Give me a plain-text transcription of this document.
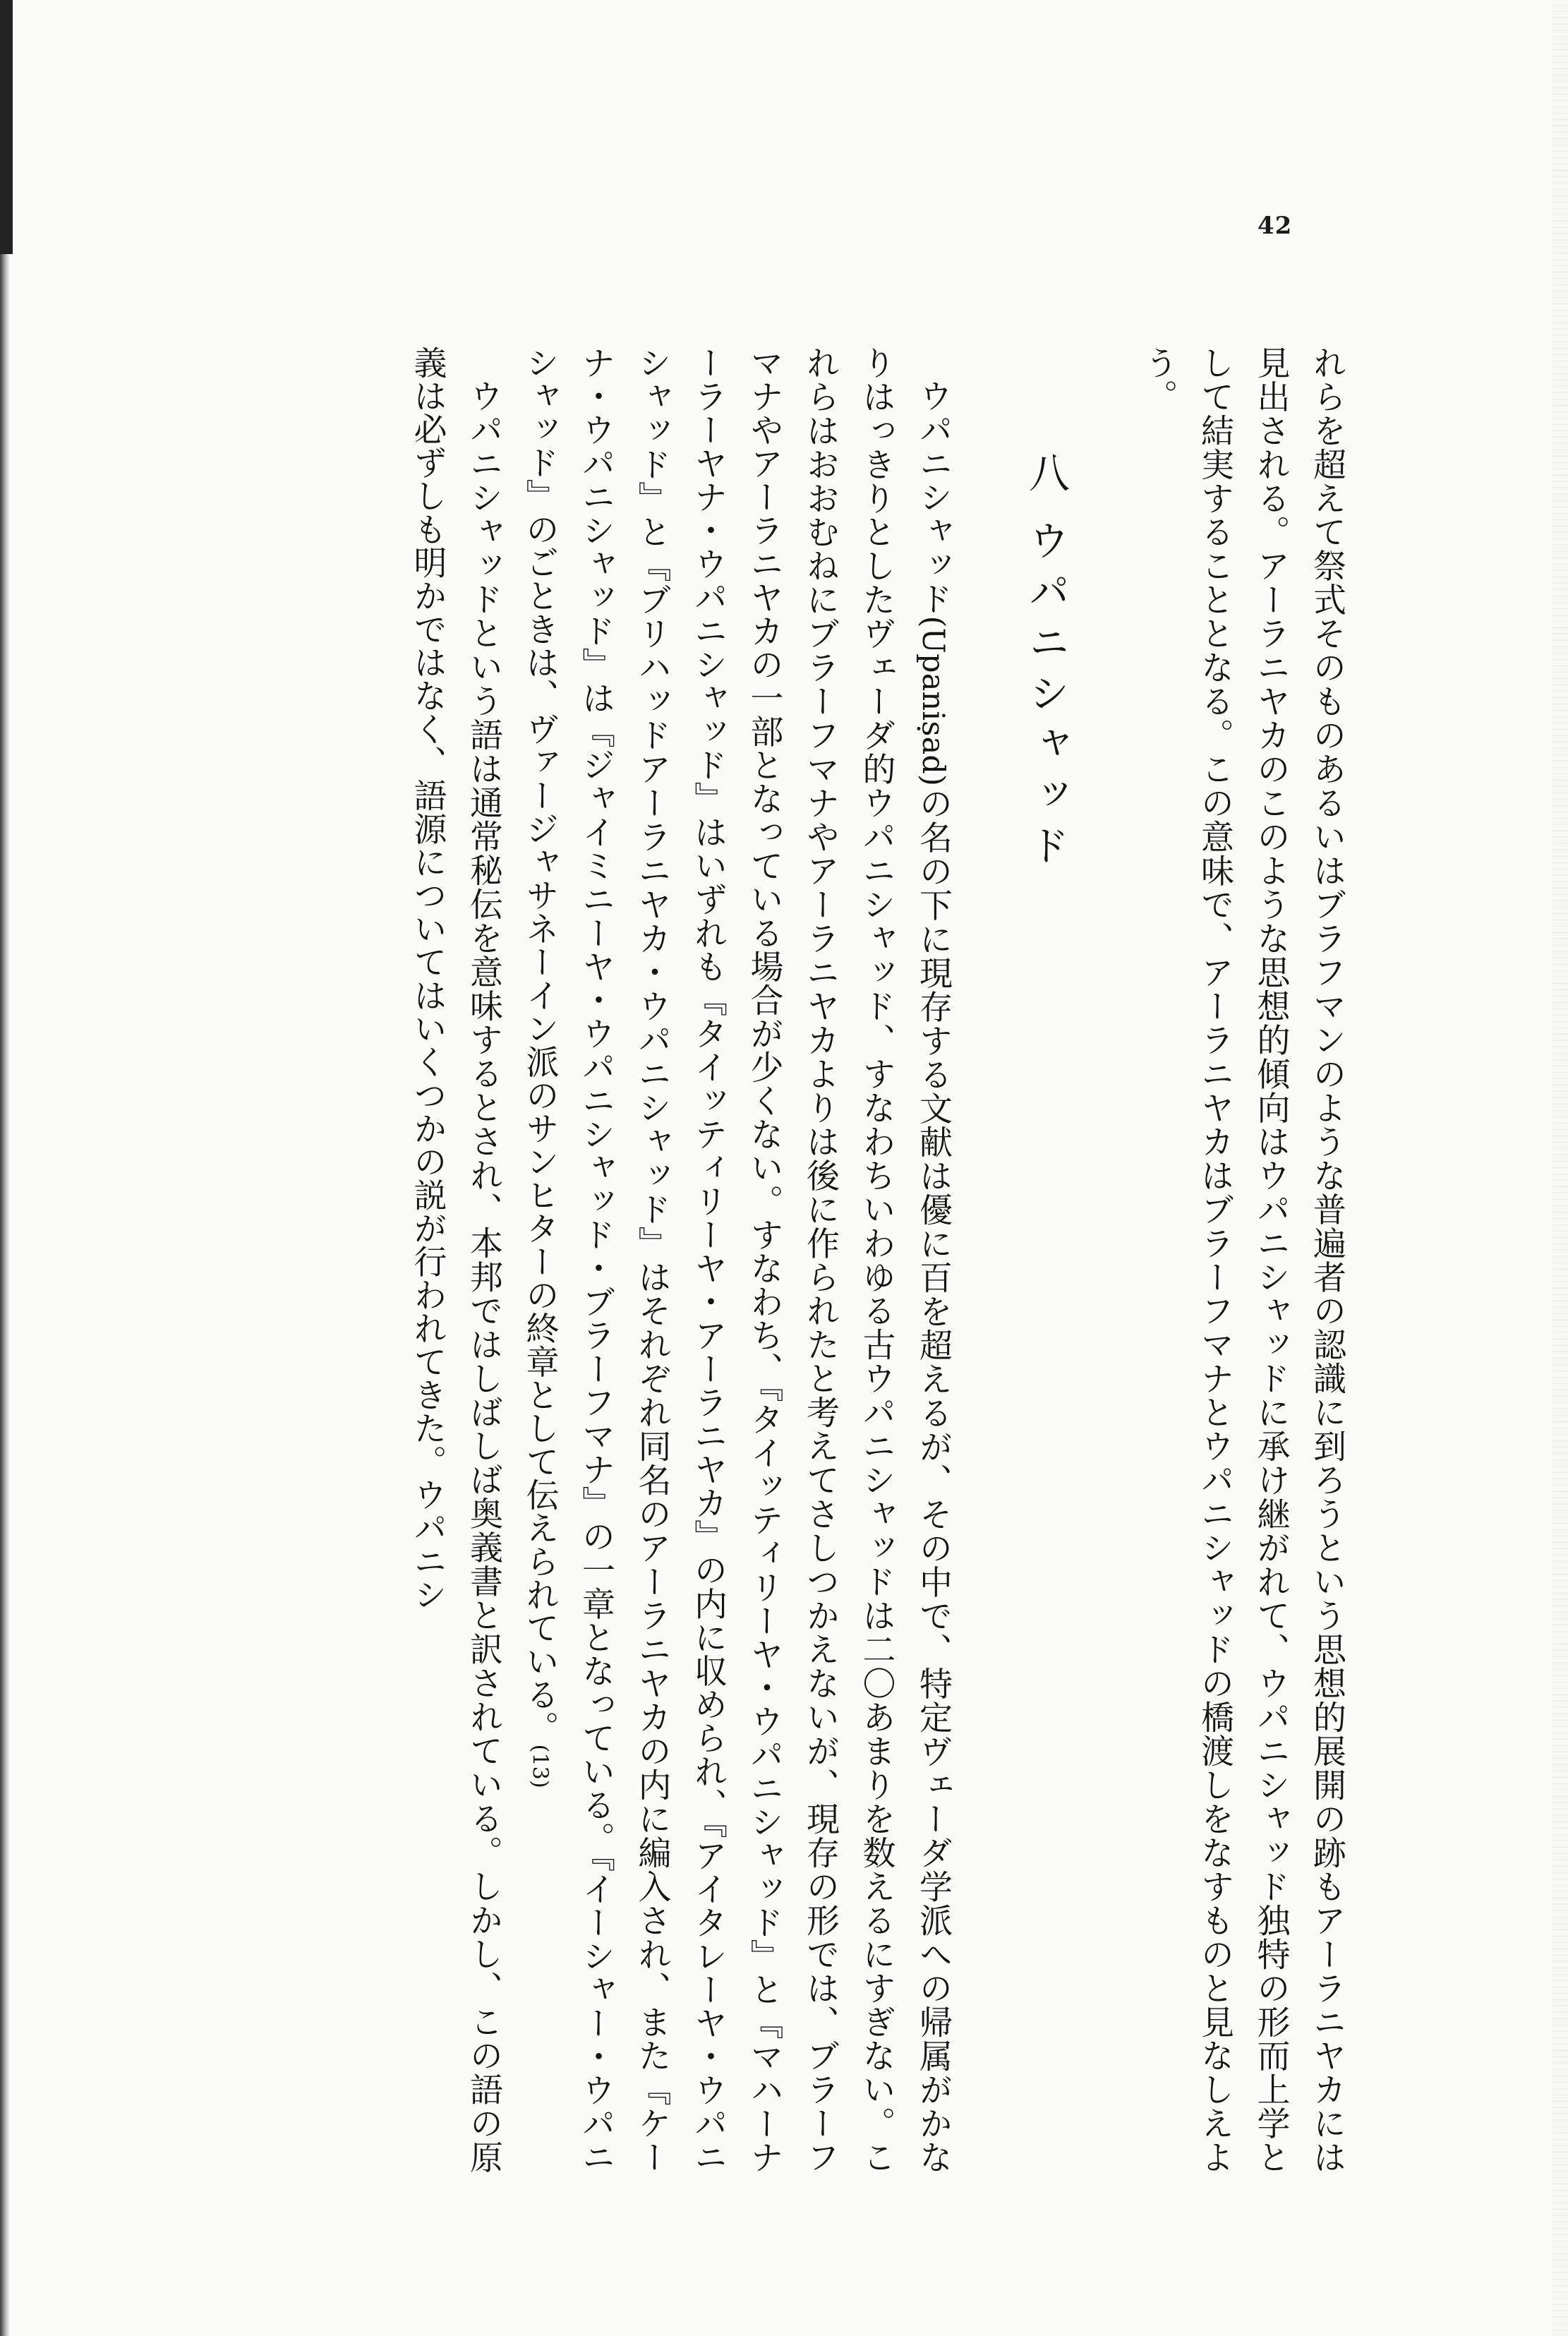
42

れらを超えて祭式そのものあるいはブラフマンのような普遍者の認識に到ろうという思想的展開の跡もアーラニヤカには見出される。アーラニヤカのこのような思想的傾向はウパニシャッドに承け継がれて、ウパニシャッド独特の形而上学として結実することとなる。この意味で、アーラニヤカはブラーフマナとウパニシャッドの橋渡しをなすものと見なしえよう。

八ウパニシャッド

ウパニシャッド(Upaniṣad)の名の下に現存する文献は優に百を超えるが、その中で、特定ヴェーダ学派への帰属がかなりはっきりとしたヴェーダ的ウパニシャッド、すなわちいわゆる古ウパニシャッドは二〇あまりを数えるにすぎない。これらはおおむねにブラーフマナやアーラニヤカよりは後に作られたと考えてさしつかえないが、現存の形では、ブラーフマナやアーラニヤカの一部となっている場合が少くない。すなわち、『タイッティリーヤ・ウパニシャッド』と『マハーナーラーヤナ・ウパニシャッド』はいずれも『タイッティリーヤ・アーラニヤカ』の内に収められ、『アイタレーヤ・ウパニシャッド』と『ブリハッドアーラニヤカ・ウパニシャッド』はそれぞれ同名のアーラニヤカの内に編入され、また『ケーナ・ウパニシャッド』は『ジャイミニーヤ・ウパニシャッド・ブラーフマナ』の一章となっている。『イーシャー・ウパニシャッド』のごときは、ヴァージャサネーイン派のサンヒターの終章として伝えられている。(13)

ウパニシャッドという語は通常秘伝を意味するとされ、本邦ではしばしば奥義書と訳されている。しかし、この語の原義は必ずしも明かではなく、語源についてはいくつかの説が行われてきた。ウパニシ
